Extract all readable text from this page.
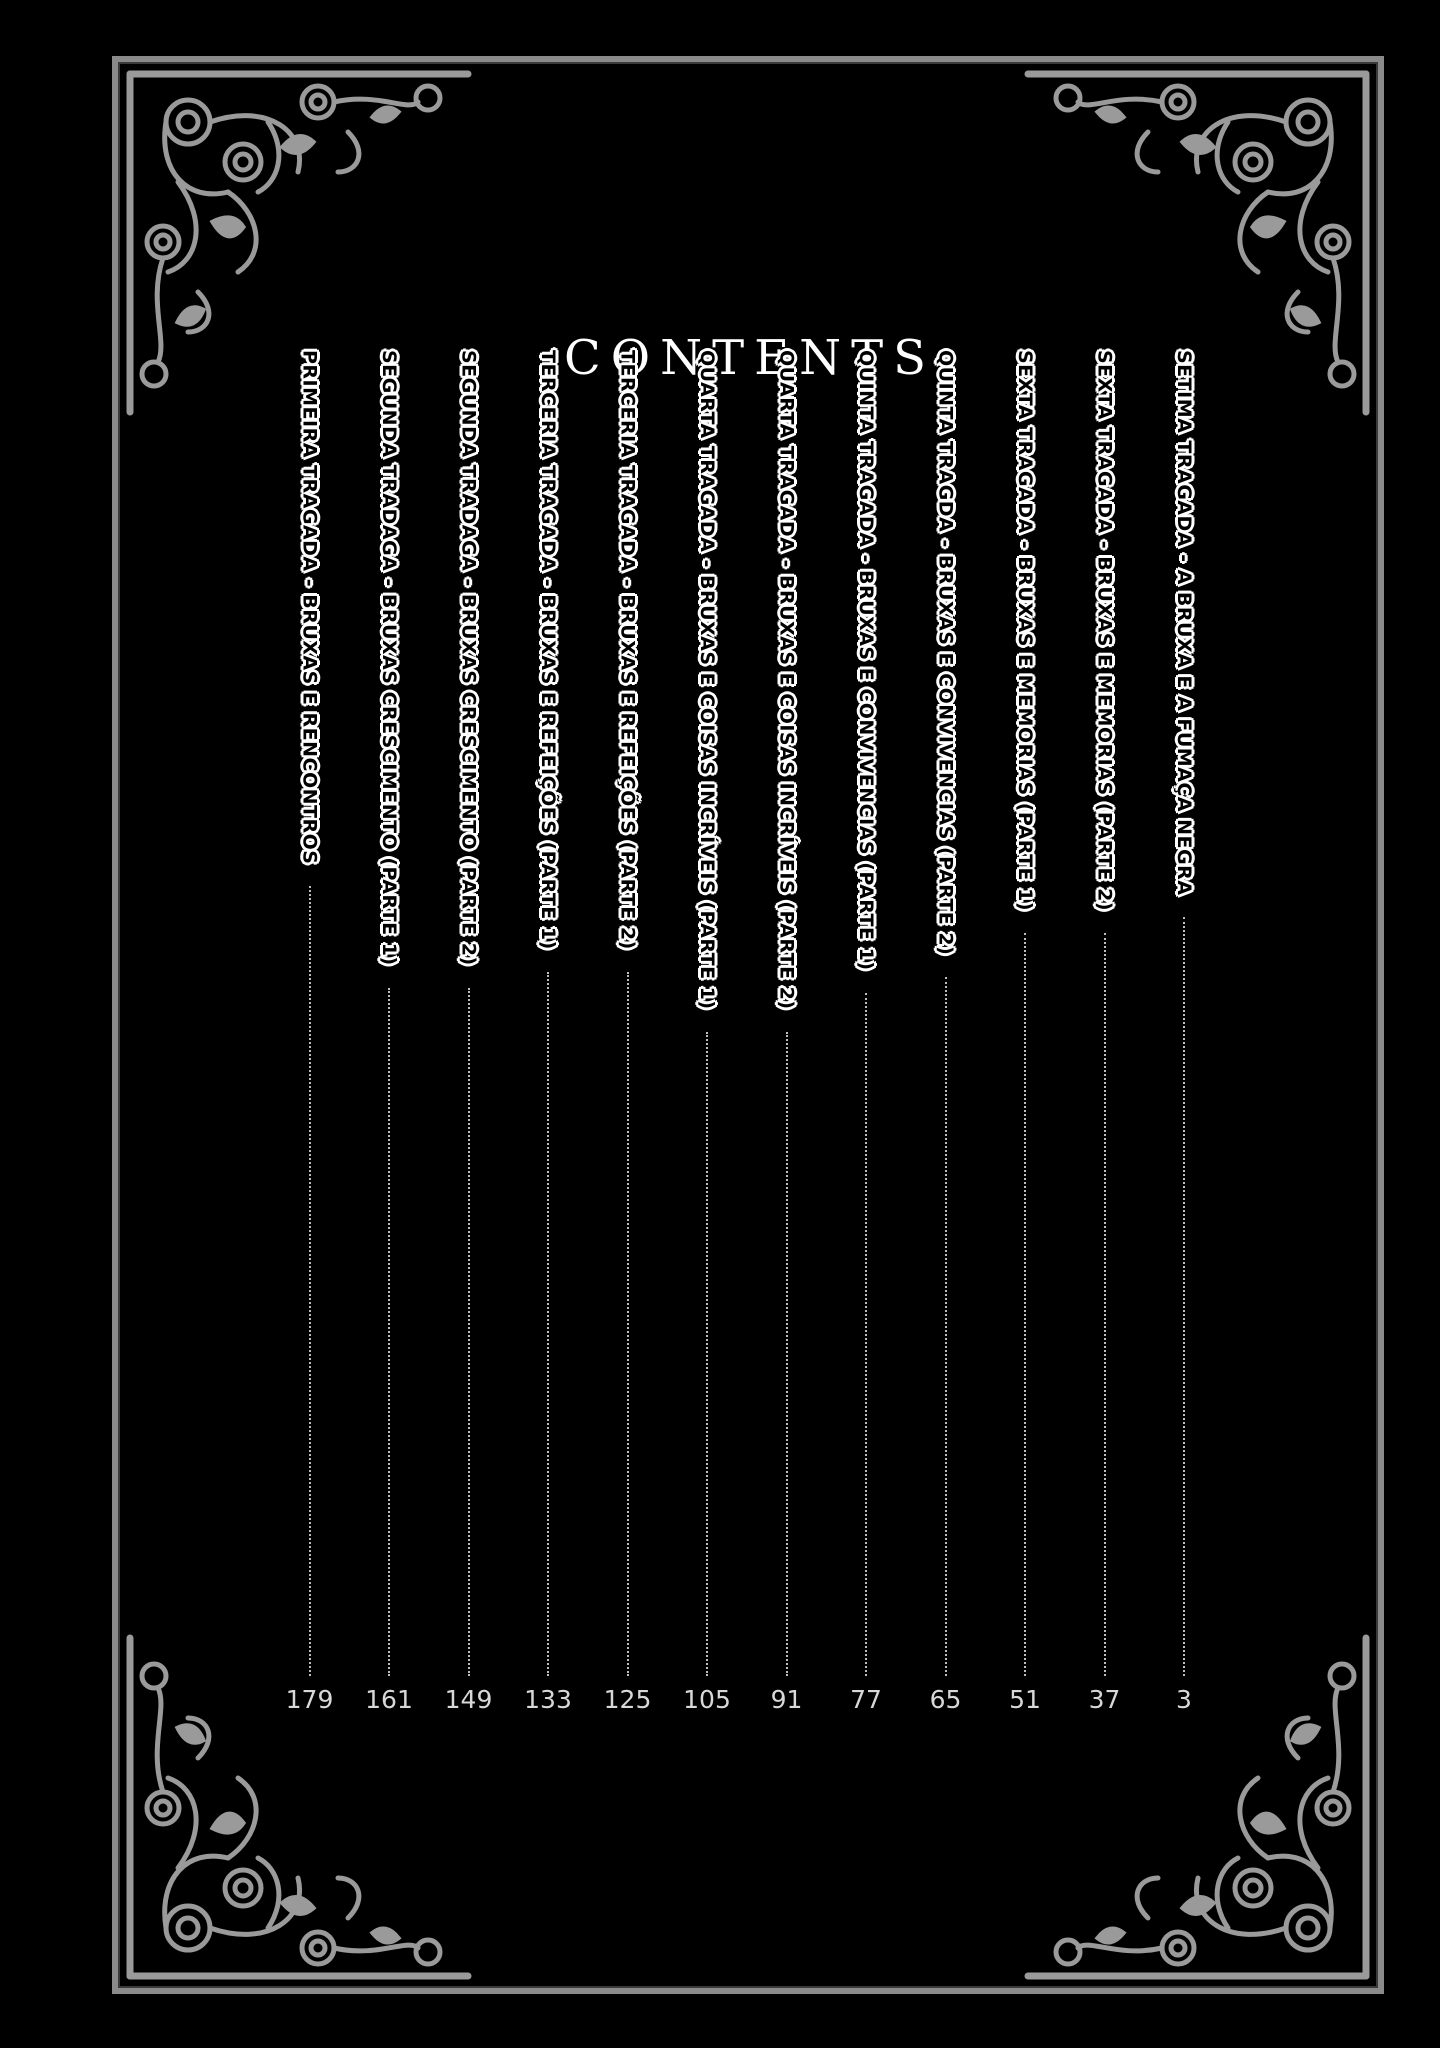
CONTENTS	SETIMA TRAGADA - A BRUXA E A FUMAÇA NEGRA
3
SEXTA TRAGADA - BRUXAS E MEMORIAS (PARTE 2)
37
SEXTA TRAGADA - BRUXAS E MEMORIAS (PARTE 1)
51
QUINTA TRAGDA - BRUXAS E CONVIVENCIAS (PARTE 2)
65
QUINTA TRAGADA - BRUXAS E CONVIVENCIAS (PARTE 1)
77
QUARTA TRAGADA - BRUXAS E COISAS INCRÍVEIS (PARTE 2)
91
QUARTA TRAGADA - BRUXAS E COISAS INCRÍVEIS (PARTE 1)
105
TERCERIA TRAGADA - BRUXAS E REFEIÇÕES (PARTE 2)
125
TERCERIA TRAGADA - BRUXAS E REFEIÇÕES (PARTE 1)
133
SEGUNDA TRADAGA - BRUXAS CRESCIMENTO (PARTE 2)
149
SEGUNDA TRADAGA - BRUXAS CRESCIMENTO (PARTE 1)
161
PRIMEIRA TRAGADA - BRUXAS E RENCONTROS
179
